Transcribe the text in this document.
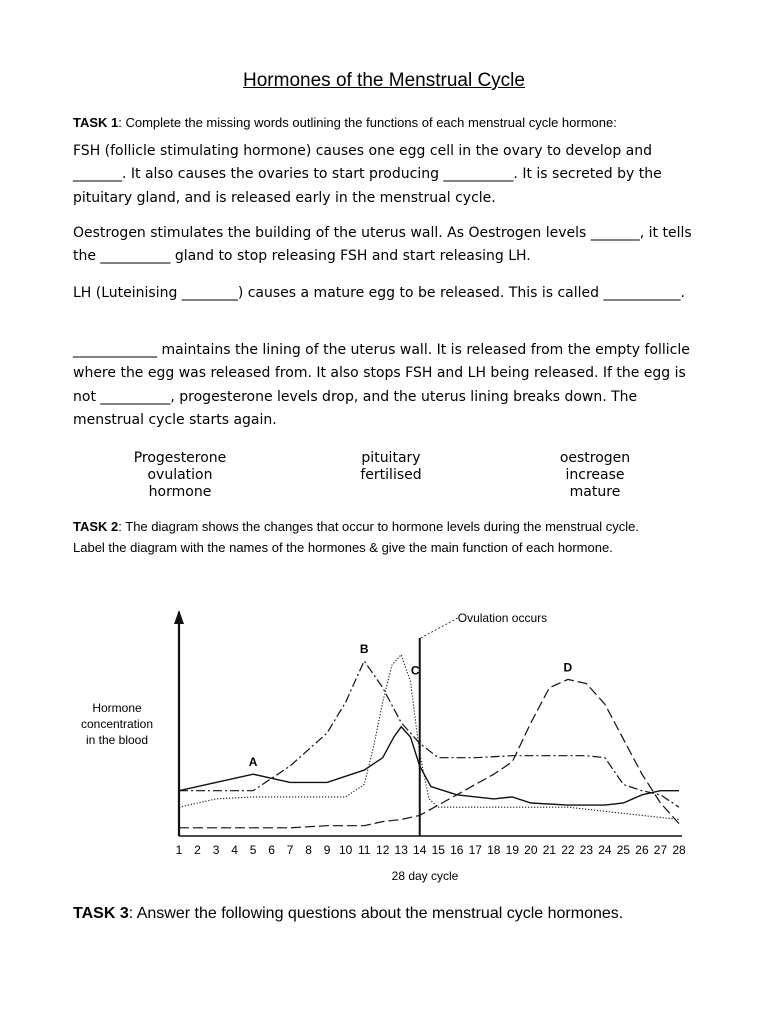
Hormones of the Menstrual Cycle
TASK 1: Complete the missing words outlining the functions of each menstrual cycle hormone:
FSH (follicle stimulating hormone) causes one egg cell in the ovary to develop and _______. It also causes the ovaries to start producing __________. It is secreted by the pituitary gland, and is released early in the menstrual cycle.
Oestrogen stimulates the building of the uterus wall. As Oestrogen levels _______, it tells the __________ gland to stop releasing FSH and start releasing LH.
LH (Luteinising ________) causes a mature egg to be released. This is called ___________.
____________ maintains the lining of the uterus wall. It is released from the empty follicle where the egg was released from. It also stops FSH and LH being released. If the egg is not __________, progesterone levels drop, and the uterus lining breaks down. The menstrual cycle starts again.
Progesterone
ovulation
hormone
pituitary
fertilised
oestrogen
increase
mature
TASK 2: The diagram shows the changes that occur to hormone levels during the menstrual cycle.
Label the diagram with the names of the hormones & give the main function of each hormone.
1 2 3 4 5 6 7 8 9 10 11 12 13 14 15 16 17 18 19 20 21 22 23 24 25 26 27 28
A
B
C	D
Ovulation occurs
Hormone
concentration
in the blood
28 day cycle
TASK 3: Answer the following questions about the menstrual cycle hormones.
